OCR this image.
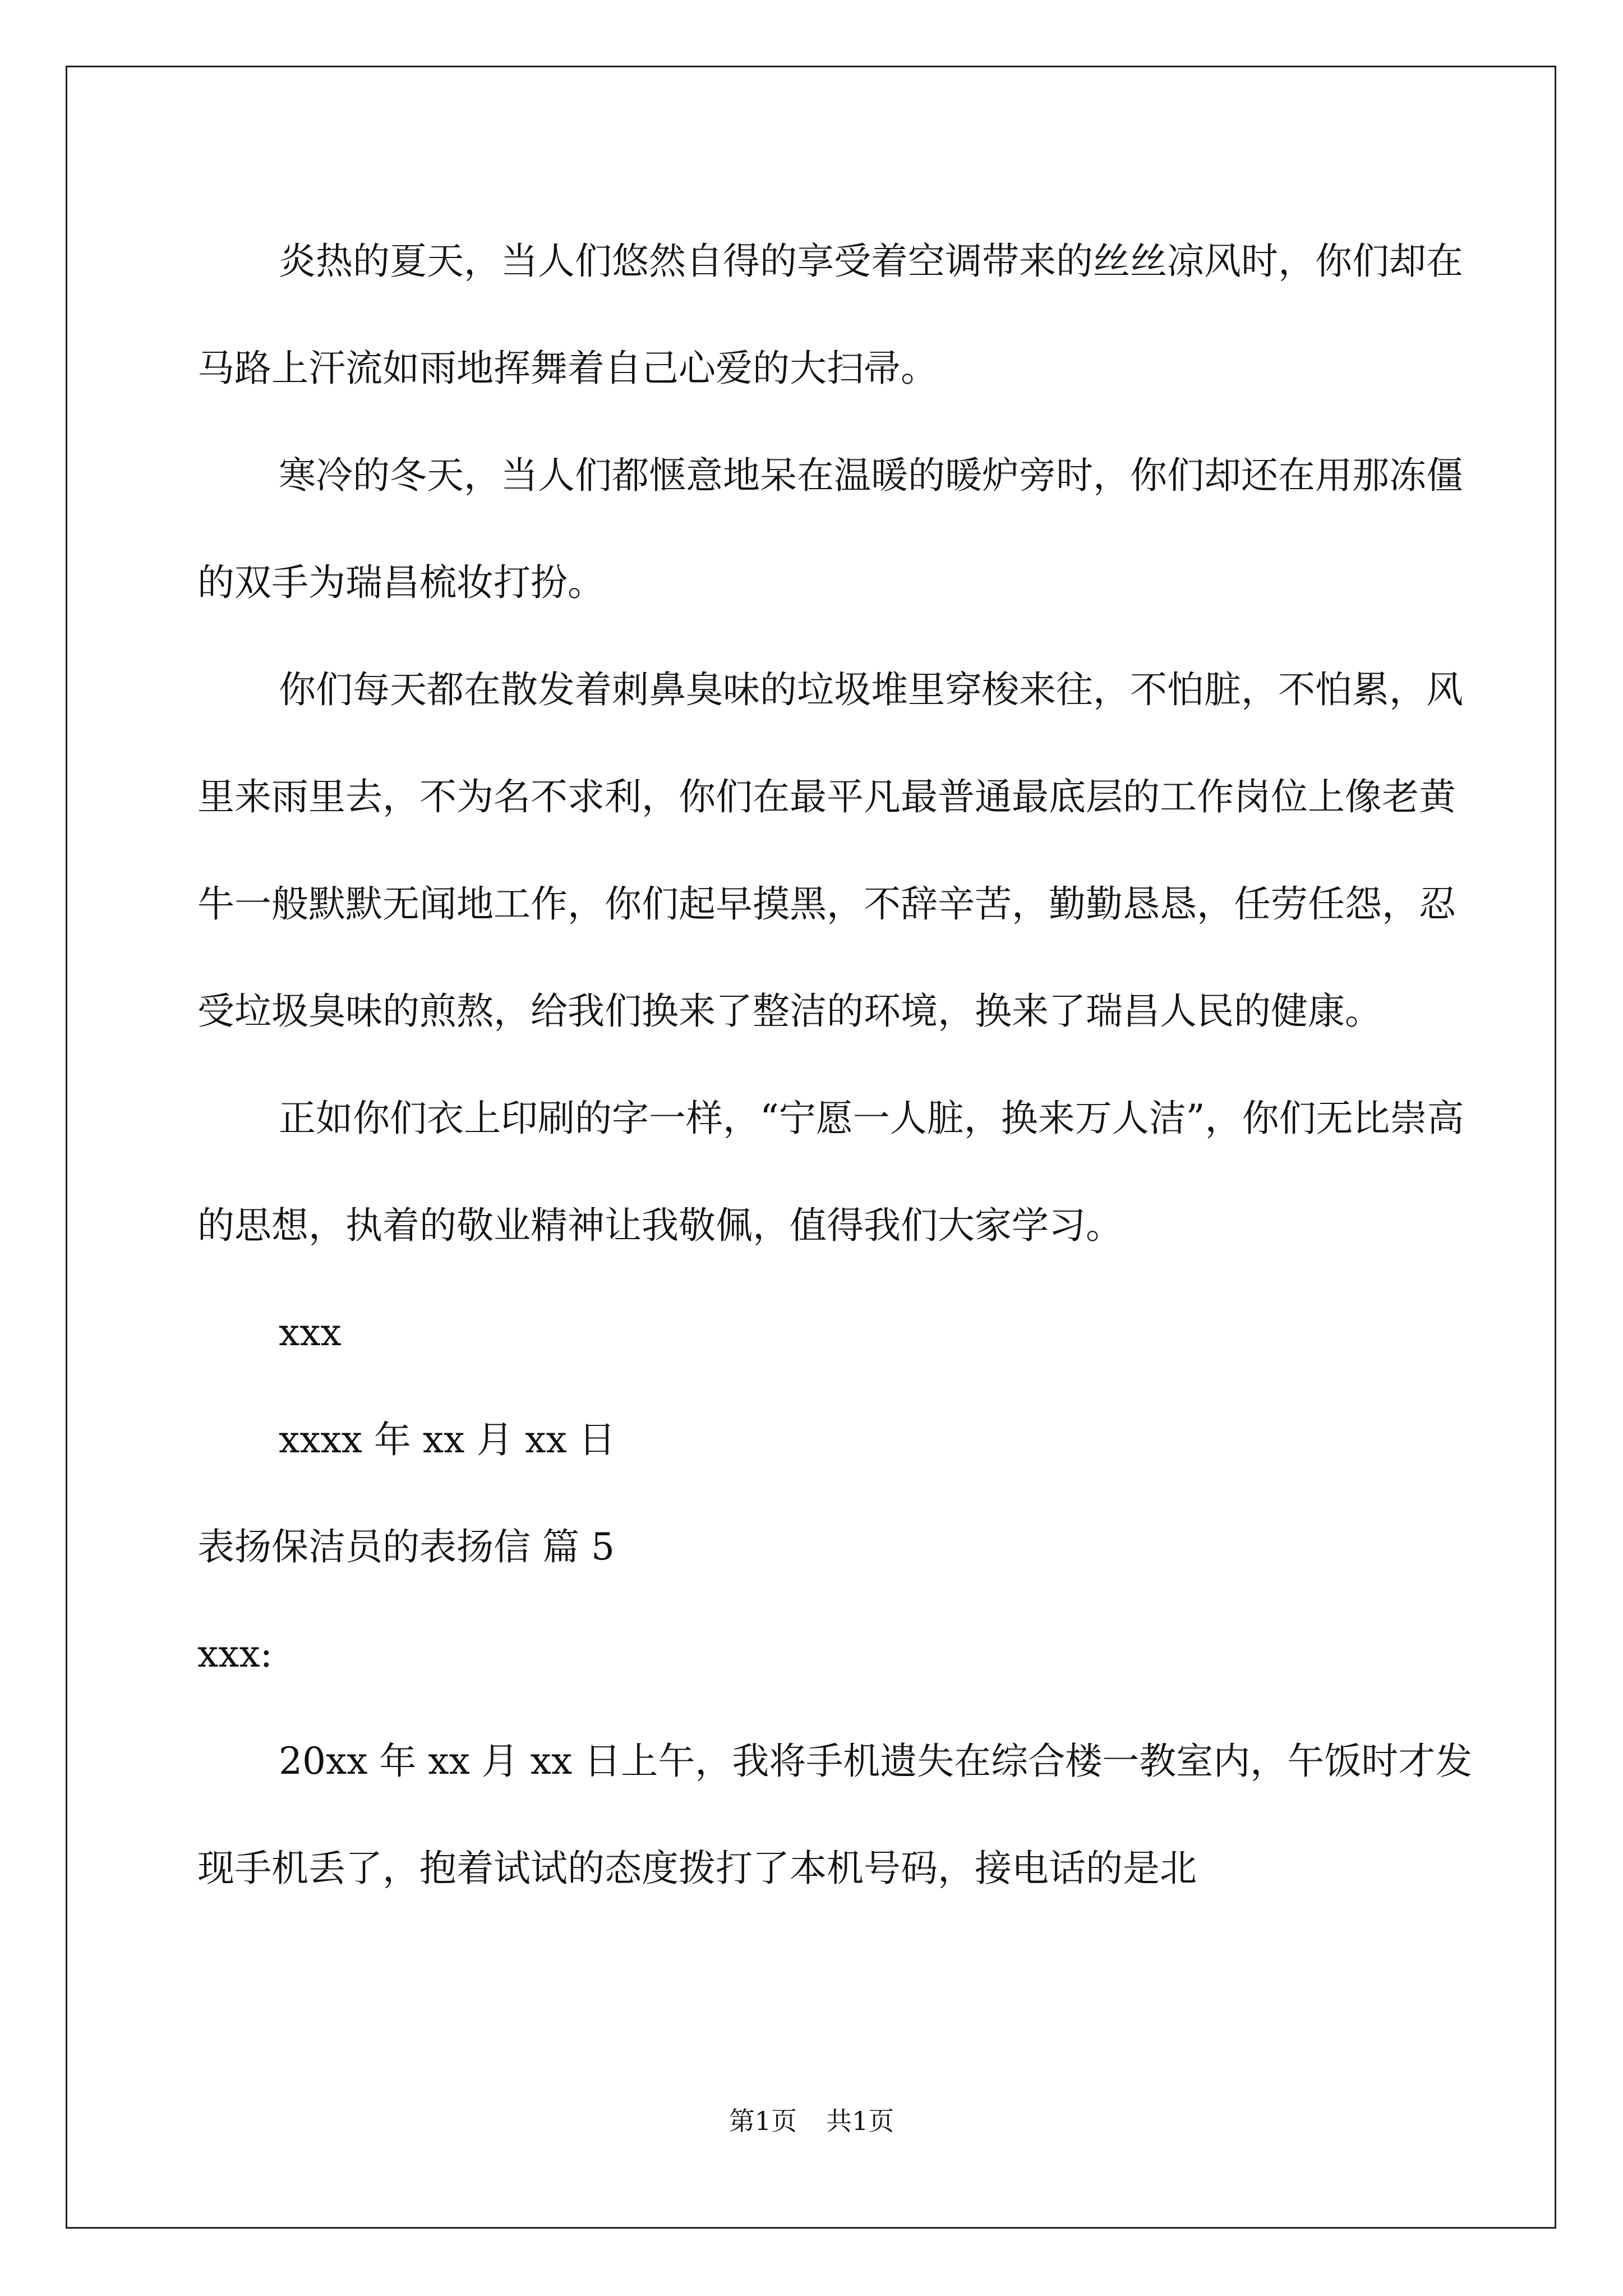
炎热的夏天，当人们悠然自得的享受着空调带来的丝丝凉风时，你们却在马路上汗流如雨地挥舞着自己心爱的大扫帚。

寒冷的冬天，当人们都惬意地呆在温暖的暖炉旁时，你们却还在用那冻僵的双手为瑞昌梳妆打扮。

你们每天都在散发着刺鼻臭味的垃圾堆里穿梭来往，不怕脏，不怕累，风里来雨里去，不为名不求利，你们在最平凡最普通最底层的工作岗位上像老黄牛一般默默无闻地工作，你们起早摸黑，不辞辛苦，勤勤恳恳，任劳任怨，忍受垃圾臭味的煎熬，给我们换来了整洁的环境，换来了瑞昌人民的健康。

正如你们衣上印刷的字一样，“宁愿一人脏，换来万人洁”，你们无比崇高的思想，执着的敬业精神让我敬佩，值得我们大家学习。

xxx

xxxx 年 xx 月 xx 日

表扬保洁员的表扬信 篇 5

xxx:

20xx 年 xx 月 xx 日上午，我将手机遗失在综合楼一教室内，午饭时才发现手机丢了，抱着试试的态度拨打了本机号码，接电话的是北

第1页 共1页
